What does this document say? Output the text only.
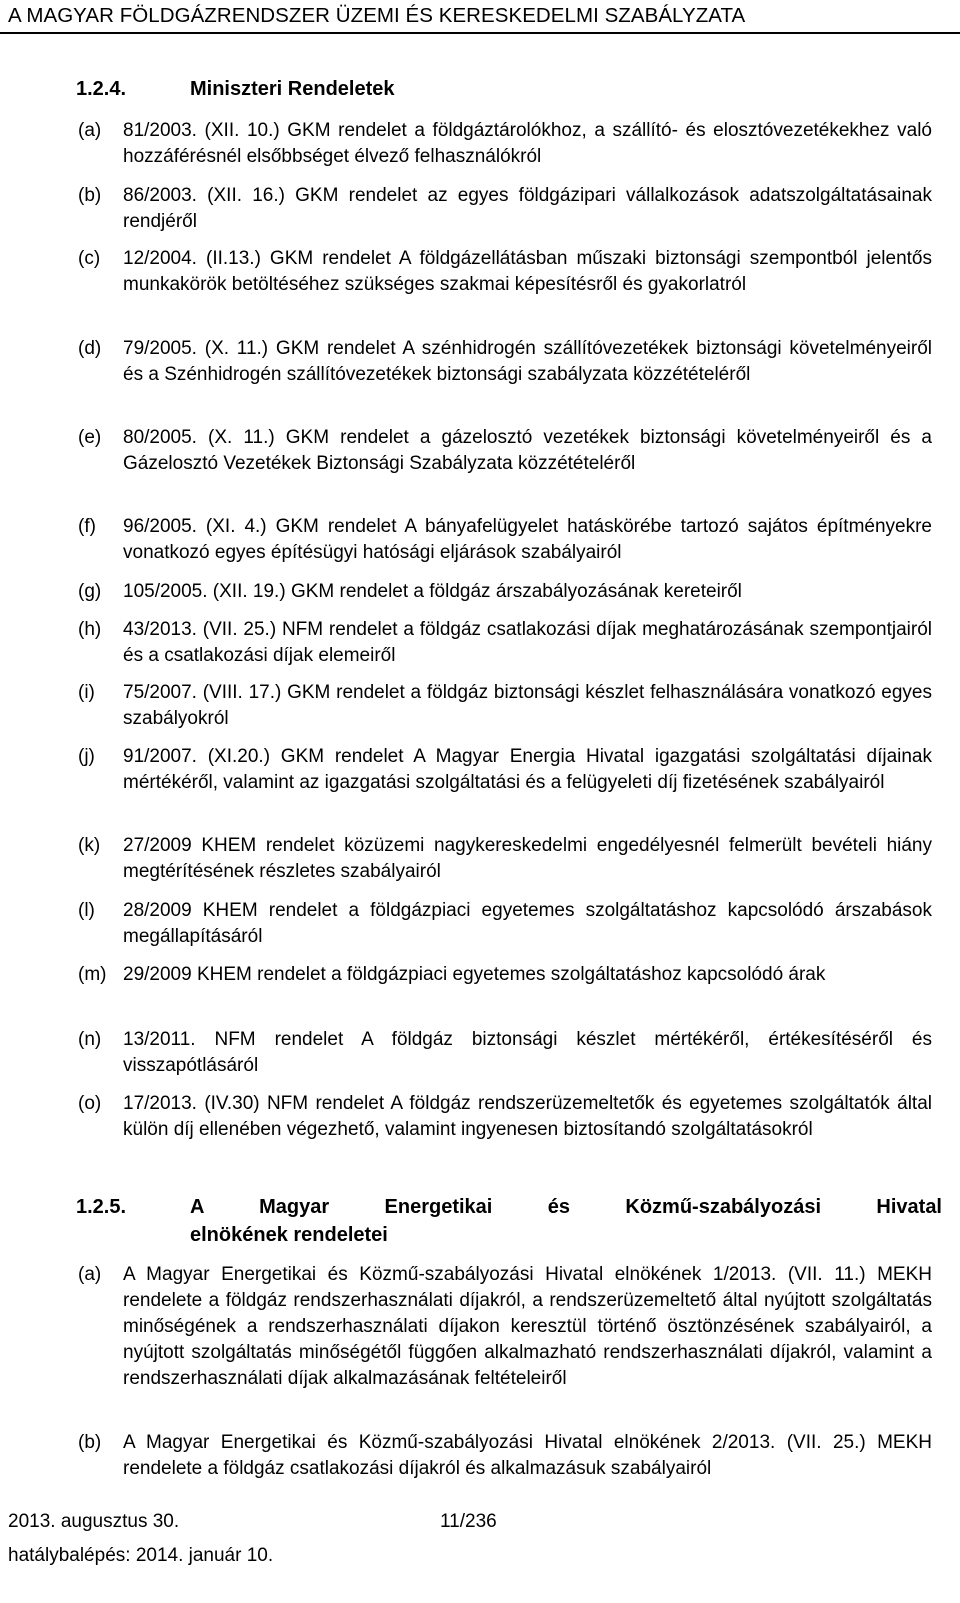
A MAGYAR FÖLDGÁZRENDSZER ÜZEMI ÉS KERESKEDELMI SZABÁLYZATA
1.2.4.	Miniszteri Rendeletek
(a) 81/2003. (XII. 10.) GKM rendelet a földgáztárolókhoz, a szállító- és elosztóvezetékekhez való hozzáférésnél elsőbbséget élvező felhasználókról
(b) 86/2003. (XII. 16.) GKM rendelet az egyes földgázipari vállalkozások adatszolgáltatásainak rendjéről
(c) 12/2004. (II.13.) GKM rendelet A földgázellátásban műszaki biztonsági szempontból jelentős munkakörök betöltéséhez szükséges szakmai képesítésről és gyakorlatról
(d) 79/2005. (X. 11.) GKM rendelet A szénhidrogén szállítóvezetékek biztonsági követelményeiről és a Szénhidrogén szállítóvezetékek biztonsági szabályzata közzétételéről
(e) 80/2005. (X. 11.) GKM rendelet a gázelosztó vezetékek biztonsági követelményeiről és a Gázelosztó Vezetékek Biztonsági Szabályzata közzétételéről
(f) 96/2005. (XI. 4.) GKM rendelet A bányafelügyelet hatáskörébe tartozó sajátos építményekre vonatkozó egyes építésügyi hatósági eljárások szabályairól
(g) 105/2005. (XII. 19.) GKM rendelet a földgáz árszabályozásának kereteiről
(h) 43/2013. (VII. 25.) NFM rendelet a földgáz csatlakozási díjak meghatározásának szempontjairól és a csatlakozási díjak elemeiről
(i) 75/2007. (VIII. 17.) GKM rendelet a földgáz biztonsági készlet felhasználására vonatkozó egyes szabályokról
(j) 91/2007. (XI.20.) GKM rendelet A Magyar Energia Hivatal igazgatási szolgáltatási díjainak mértékéről, valamint az igazgatási szolgáltatási és a felügyeleti díj fizetésének szabályairól
(k) 27/2009 KHEM rendelet közüzemi nagykereskedelmi engedélyesnél felmerült bevételi hiány megtérítésének részletes szabályairól
(l) 28/2009 KHEM rendelet a földgázpiaci egyetemes szolgáltatáshoz kapcsolódó árszabások megállapításáról
(m) 29/2009 KHEM rendelet a földgázpiaci egyetemes szolgáltatáshoz kapcsolódó árak
(n) 13/2011. NFM rendelet A földgáz biztonsági készlet mértékéről, értékesítéséről és visszapótlásáról
(o) 17/2013. (IV.30) NFM rendelet A földgáz rendszerüzemeltetők és egyetemes szolgáltatók által külön díj ellenében végezhető, valamint ingyenesen biztosítandó szolgáltatásokról
1.2.5.	A Magyar Energetikai és Közmű-szabályozási Hivatal
elnökének rendeletei
(a) A Magyar Energetikai és Közmű-szabályozási Hivatal elnökének 1/2013. (VII. 11.) MEKH rendelete a földgáz rendszerhasználati díjakról, a rendszerüzemeltető által nyújtott szolgáltatás minőségének a rendszerhasználati díjakon keresztül történő ösztönzésének szabályairól, a nyújtott szolgáltatás minőségétől függően alkalmazható rendszerhasználati díjakról, valamint a rendszerhasználati díjak alkalmazásának feltételeiről
(b) A Magyar Energetikai és Közmű-szabályozási Hivatal elnökének 2/2013. (VII. 25.) MEKH rendelete a földgáz csatlakozási díjakról és alkalmazásuk szabályairól
2013. augusztus 30.	11/236
hatálybalépés: 2014. január 10.
